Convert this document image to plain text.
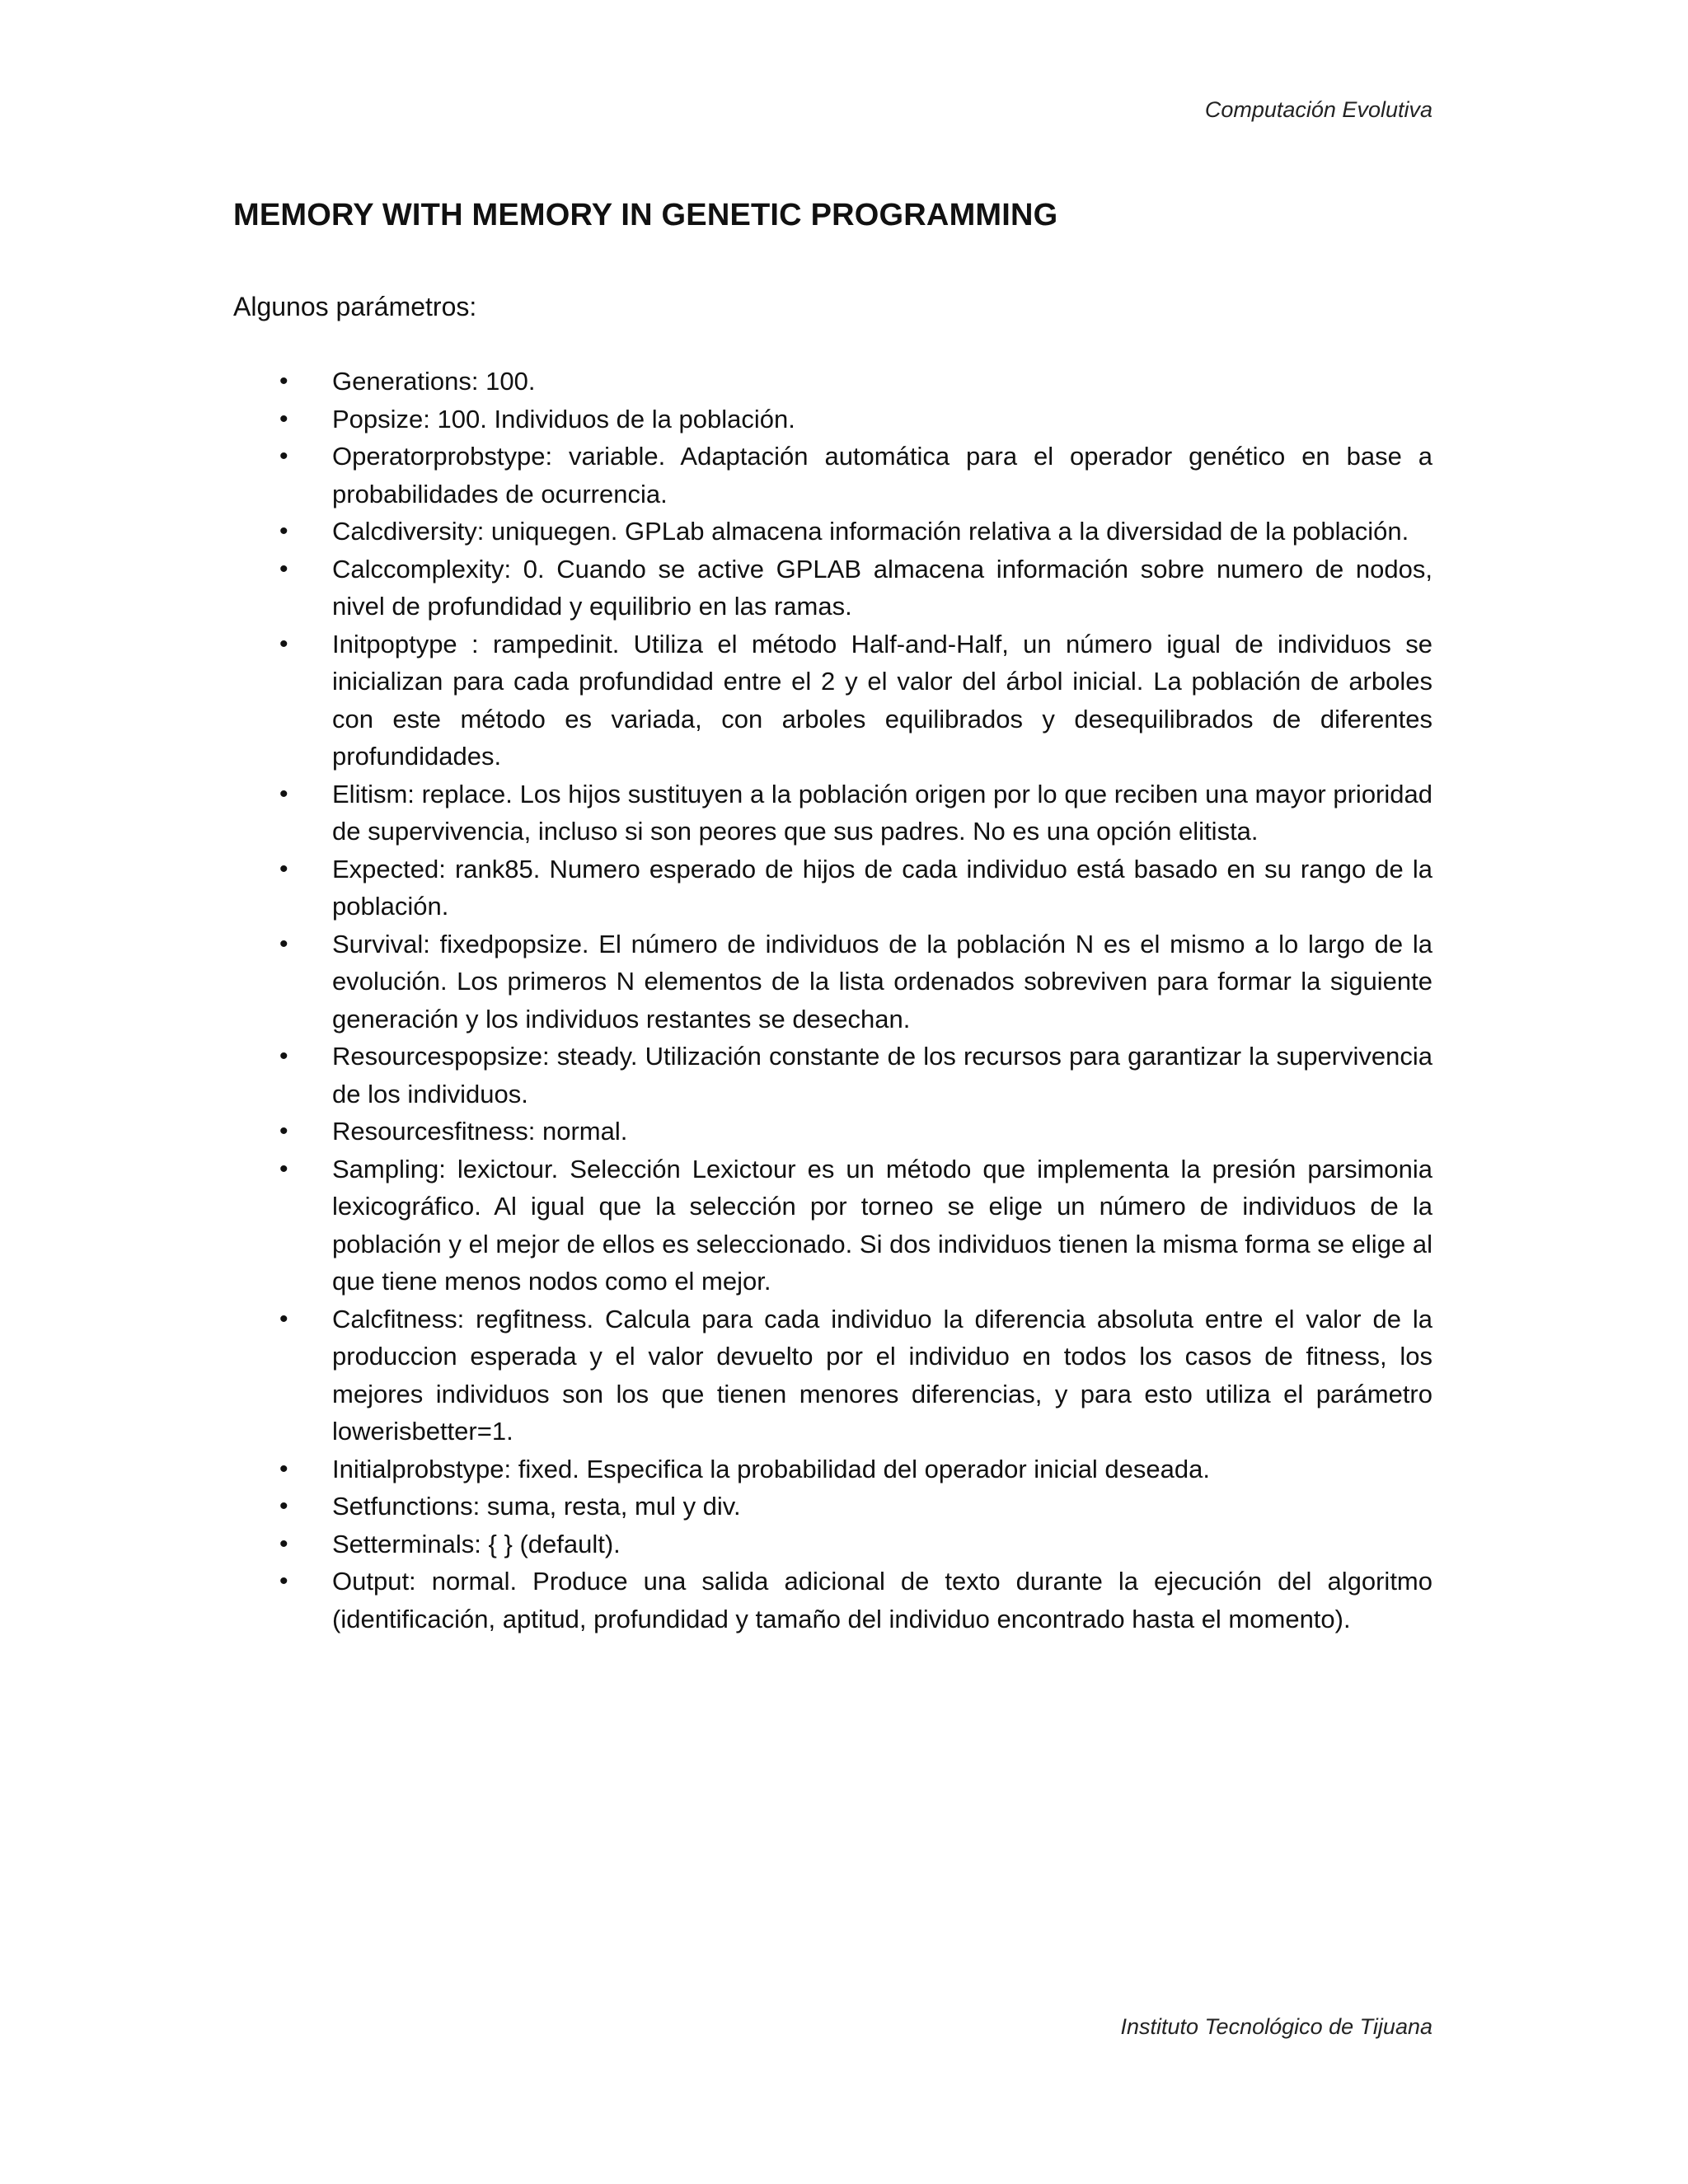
Computación Evolutiva
MEMORY WITH MEMORY IN GENETIC PROGRAMMING
Algunos parámetros:
• Generations: 100.
• Popsize: 100. Individuos de la población.
• Operatorprobstype: variable. Adaptación automática para el operador genético en base a probabilidades de ocurrencia.
• Calcdiversity: uniquegen. GPLab almacena información relativa a la diversidad de la población.
• Calccomplexity: 0. Cuando se active GPLAB almacena información sobre numero de nodos, nivel de profundidad y equilibrio en las ramas.
• Initpoptype : rampedinit. Utiliza el método Half-and-Half, un número igual de individuos se inicializan para cada profundidad entre el 2 y el valor del árbol inicial. La población de arboles con este método es variada, con arboles equilibrados y desequilibrados de diferentes profundidades.
• Elitism: replace. Los hijos sustituyen a la población origen por lo que reciben una mayor prioridad de supervivencia, incluso si son peores que sus padres. No es una opción elitista.
• Expected: rank85. Numero esperado de hijos de cada individuo está basado en su rango de la población.
• Survival: fixedpopsize. El número de individuos de la población N es el mismo a lo largo de la evolución. Los primeros N elementos de la lista ordenados sobreviven para formar la siguiente generación y los individuos restantes se desechan.
• Resourcespopsize: steady. Utilización constante de los recursos para garantizar la supervivencia de los individuos.
• Resourcesfitness: normal.
• Sampling: lexictour. Selección Lexictour es un método que implementa la presión parsimonia lexicográfico. Al igual que la selección por torneo se elige un número de individuos de la población y el mejor de ellos es seleccionado. Si dos individuos tienen la misma forma se elige al que tiene menos nodos como el mejor.
• Calcfitness: regfitness. Calcula para cada individuo la diferencia absoluta entre el valor de la produccion esperada y el valor devuelto por el individuo en todos los casos de fitness, los mejores individuos son los que tienen menores diferencias, y para esto utiliza el parámetro lowerisbetter=1.
• Initialprobstype: fixed. Especifica la probabilidad del operador inicial deseada.
• Setfunctions: suma, resta, mul y div.
• Setterminals: { } (default).
• Output: normal. Produce una salida adicional de texto durante la ejecución del algoritmo (identificación, aptitud, profundidad y tamaño del individuo encontrado hasta el momento).
Instituto Tecnológico de Tijuana
